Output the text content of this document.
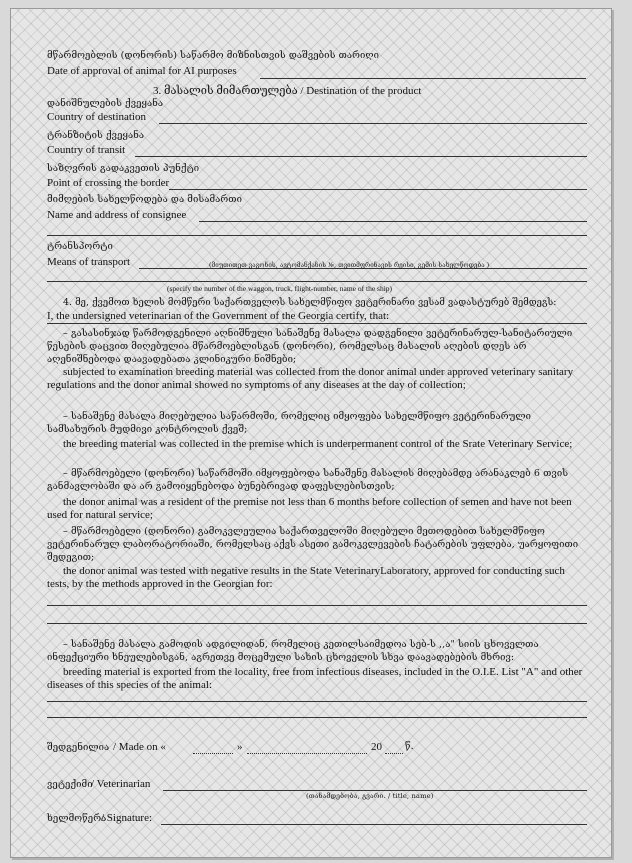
მწარმოებლის (დონორის) საწარმო მიზნისთვის დაშვების თარიღი
Date of approval of animal for AI purposes
3. მასალის მიმართულება / Destination of the product
დანიშნულების ქვეყანა
Country of destination
ტრანზიტის ქვეყანა
Country of transit
საზღვრის გადაკვეთის პუნქტი
Point of crossing the border
მიმღების სახელწოდება და მისამართი
Name and address of consignee
ტრანსპორტი
Means of transport	(მიუთითეთ ვაგონის, ავტომანქანის №, თვითმფრინავის რეისი, გემის სახელწოდება )
(specify the number of the waggon, truck, flight-number, name of the ship)
4. მე, ქვემოთ ხელის მომწერი საქართველოს სახელმწიფო ვეტერინარი ვესამ ვადასტურებ შემდეგს:
I, the undersigned veterinarian of the Government of the Georgia certify, that:
– გასასინჯად წარმოდგენილი აღნიშნული სანაშენე მასალა დადგენილი ვეტერინარულ-სანიტარიული წესების დაცვით მიღებულია მწარმოებლისგან (დონორი), რომელსაც მასალის აღების დღეს არ აღენიშნებოდა დაავადებათა კლინიკური ნიშნები;
subjected to examination breeding material was collected from the donor animal under approved veterinary sanitary regulations and the donor animal showed no symptoms of any diseases at the day of collection;
– სანაშენე მასალა მიღებულია საწარმოში, რომელიც იმყოფება სახელმწიფო ვეტერინარული სამსახურის მუდმივი კონტროლის ქვეშ;
the breeding material was collected in the premise which is underpermanent control of the Srate Veterinary Service;
– მწარმოებელი (დონორი) საწარმოში იმყოფებოდა სანაშენე მასალის მიღებამდე არანაკლებ 6 თვის განმავლობაში და არ გამოიყენებოდა ბუნებრივად დაფესლებისთვის;
the donor animal was a resident of the premise not less than 6 months before collection of semen and have not been used for natural service;
– მწარმოებელი (დონორი) გამოკვლეულია საქართველოში მიღებული მეთოდებით სახელმწიფო ვეტერინარულ ლაბორატორიაში, რომელსაც აქვს ასეთი გამოკვლევების ჩატარების უფლება, უარყოფითი შედეგით;
the donor animal was tested with negative results in the State VeterinaryLaboratory, approved for conducting such tests, by the methods approved in the Georgian for:
– სანაშენე მასალა გამოდის ადგილიდან, რომელიც კეთილსაიმედოა სებ-ს ,,ა" სიის ცხოველთა ინფექციური ხნეულებისგან, აგრეთვე მოცემული სახის ცხოველის სხვა დაავადებების მხრივ:
breeding material is exported from the locality, free from infectious diseases, included in the O.I.E. List "A" and other diseases of this species of the animal:
შედგენილია / Made on «	»	20 წ.
ვეტექიმი
/ Veterinarian
(თანამდებობა, გვარი. / title, name)
ხელმოწერა
/ Signature:
